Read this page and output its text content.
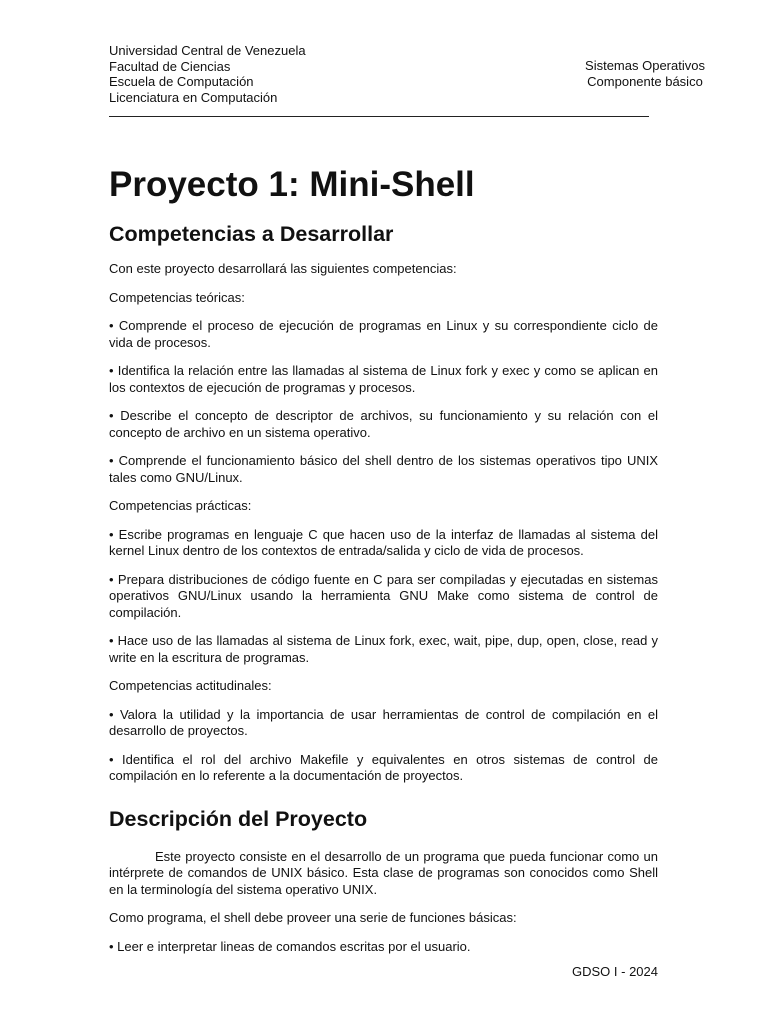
Universidad Central de Venezuela
Facultad de Ciencias
Escuela de Computación
Licenciatura en Computación
Sistemas Operativos
Componente básico
Proyecto 1: Mini-Shell
Competencias a Desarrollar

Con este proyecto desarrollará las siguientes competencias:

Competencias teóricas:

• Comprende el proceso de ejecución de programas en Linux y su correspondiente ciclo de vida de procesos.

• Identifica la relación entre las llamadas al sistema de Linux fork y exec y como se aplican en los contextos de ejecución de programas y procesos.

• Describe el concepto de descriptor de archivos, su funcionamiento y su relación con el concepto de archivo en un sistema operativo.

• Comprende el funcionamiento básico del shell dentro de los sistemas operativos tipo UNIX tales como GNU/Linux.

Competencias prácticas:

• Escribe programas en lenguaje C que hacen uso de la interfaz de llamadas al sistema del kernel Linux dentro de los contextos de entrada/salida y ciclo de vida de procesos.

• Prepara distribuciones de código fuente en C para ser compiladas y ejecutadas en sistemas operativos GNU/Linux usando la herramienta GNU Make como sistema de control de compilación.

• Hace uso de las llamadas al sistema de Linux fork, exec, wait, pipe, dup, open, close, read y write en la escritura de programas.

Competencias actitudinales:

• Valora la utilidad y la importancia de usar herramientas de control de compilación en el desarrollo de proyectos.

• Identifica el rol del archivo Makefile y equivalentes en otros sistemas de control de compilación en lo referente a la documentación de proyectos.

Descripción del Proyecto

Este proyecto consiste en el desarrollo de un programa que pueda funcionar como un intérprete de comandos de UNIX básico. Esta clase de programas son conocidos como Shell en la terminología del sistema operativo UNIX.

Como programa, el shell debe proveer una serie de funciones básicas:

• Leer e interpretar lineas de comandos escritas por el usuario.

GDSO I - 2024
